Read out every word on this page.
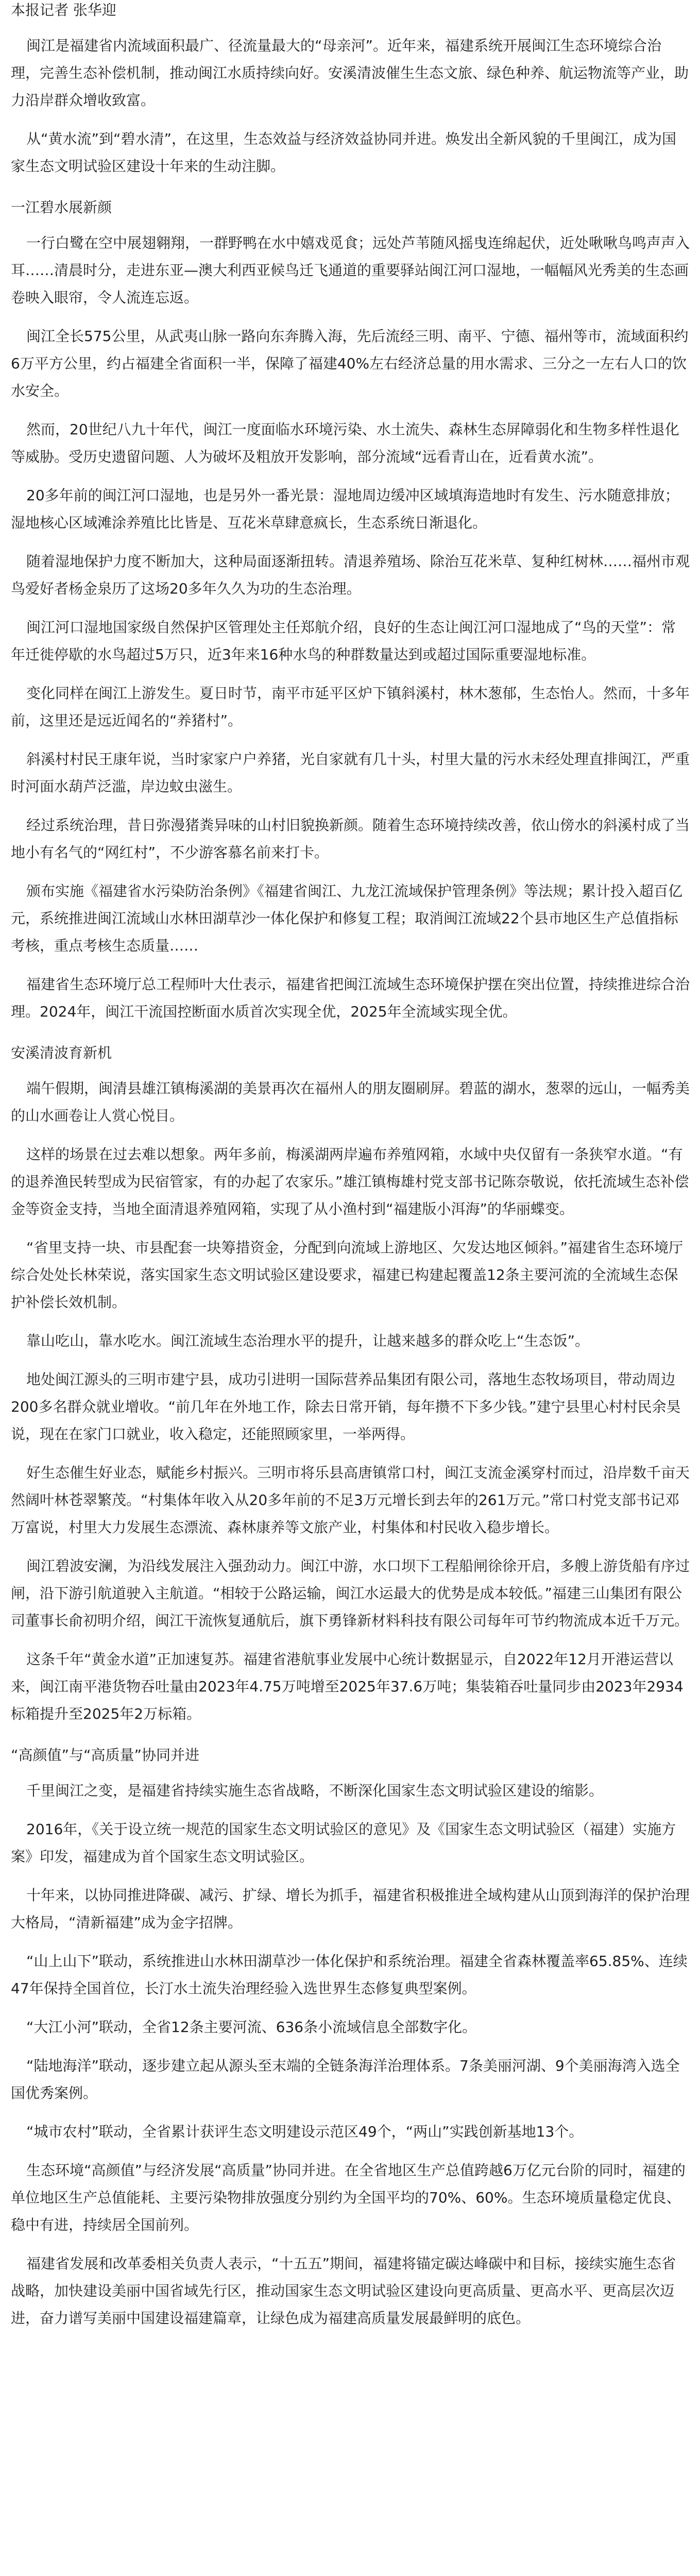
本报记者 张华迎

闽江是福建省内流域面积最广、径流量最大的“母亲河”。近年来，福建系统开展闽江生态环境综合治理，完善生态补偿机制，推动闽江水质持续向好。安溪清波催生生态文旅、绿色种养、航运物流等产业，助力沿岸群众增收致富。

从“黄水流”到“碧水清”，在这里，生态效益与经济效益协同并进。焕发出全新风貌的千里闽江，成为国家生态文明试验区建设十年来的生动注脚。

一江碧水展新颜

一行白鹭在空中展翅翱翔，一群野鸭在水中嬉戏觅食；远处芦苇随风摇曳连绵起伏，近处啾啾鸟鸣声声入耳……清晨时分，走进东亚—澳大利西亚候鸟迁飞通道的重要驿站闽江河口湿地，一幅幅风光秀美的生态画卷映入眼帘，令人流连忘返。

闽江全长575公里，从武夷山脉一路向东奔腾入海，先后流经三明、南平、宁德、福州等市，流域面积约6万平方公里，约占福建全省面积一半，保障了福建40%左右经济总量的用水需求、三分之一左右人口的饮水安全。

然而，20世纪八九十年代，闽江一度面临水环境污染、水土流失、森林生态屏障弱化和生物多样性退化等威胁。受历史遗留问题、人为破坏及粗放开发影响，部分流域“远看青山在，近看黄水流”。

20多年前的闽江河口湿地，也是另外一番光景：湿地周边缓冲区域填海造地时有发生、污水随意排放；湿地核心区域滩涂养殖比比皆是、互花米草肆意疯长，生态系统日渐退化。

随着湿地保护力度不断加大，这种局面逐渐扭转。清退养殖场、除治互花米草、复种红树林……福州市观鸟爱好者杨金泉历了这场20多年久久为功的生态治理。

闽江河口湿地国家级自然保护区管理处主任郑航介绍，良好的生态让闽江河口湿地成了“鸟的天堂”：常年迁徙停歇的水鸟超过5万只，近3年来16种水鸟的种群数量达到或超过国际重要湿地标准。

变化同样在闽江上游发生。夏日时节，南平市延平区炉下镇斜溪村，林木葱郁，生态怡人。然而，十多年前，这里还是远近闻名的“养猪村”。

斜溪村村民王康年说，当时家家户户养猪，光自家就有几十头，村里大量的污水未经处理直排闽江，严重时河面水葫芦泛滥，岸边蚊虫滋生。

经过系统治理，昔日弥漫猪粪异味的山村旧貌换新颜。随着生态环境持续改善，依山傍水的斜溪村成了当地小有名气的“网红村”，不少游客慕名前来打卡。

颁布实施《福建省水污染防治条例》《福建省闽江、九龙江流域保护管理条例》等法规；累计投入超百亿元，系统推进闽江流域山水林田湖草沙一体化保护和修复工程；取消闽江流域22个县市地区生产总值指标考核，重点考核生态质量……

福建省生态环境厅总工程师叶大仕表示，福建省把闽江流域生态环境保护摆在突出位置，持续推进综合治理。2024年，闽江干流国控断面水质首次实现全优，2025年全流域实现全优。

安溪清波育新机

端午假期，闽清县雄江镇梅溪湖的美景再次在福州人的朋友圈刷屏。碧蓝的湖水，葱翠的远山，一幅秀美的山水画卷让人赏心悦目。

这样的场景在过去难以想象。两年多前，梅溪湖两岸遍布养殖网箱，水域中央仅留有一条狭窄水道。“有的退养渔民转型成为民宿管家，有的办起了农家乐。”雄江镇梅雄村党支部书记陈奈敬说，依托流域生态补偿金等资金支持，当地全面清退养殖网箱，实现了从小渔村到“福建版小洱海”的华丽蝶变。

“省里支持一块、市县配套一块筹措资金，分配到向流域上游地区、欠发达地区倾斜。”福建省生态环境厅综合处处长林荣说，落实国家生态文明试验区建设要求，福建已构建起覆盖12条主要河流的全流域生态保护补偿长效机制。

靠山吃山，靠水吃水。闽江流域生态治理水平的提升，让越来越多的群众吃上“生态饭”。

地处闽江源头的三明市建宁县，成功引进明一国际营养品集团有限公司，落地生态牧场项目，带动周边200多名群众就业增收。“前几年在外地工作，除去日常开销，每年攒不下多少钱。”建宁县里心村村民余昊说，现在在家门口就业，收入稳定，还能照顾家里，一举两得。

好生态催生好业态，赋能乡村振兴。三明市将乐县高唐镇常口村，闽江支流金溪穿村而过，沿岸数千亩天然阔叶林苍翠繁茂。“村集体年收入从20多年前的不足3万元增长到去年的261万元。”常口村党支部书记邓万富说，村里大力发展生态漂流、森林康养等文旅产业，村集体和村民收入稳步增长。

闽江碧波安澜，为沿线发展注入强劲动力。闽江中游，水口坝下工程船闸徐徐开启，多艘上游货船有序过闸，沿下游引航道驶入主航道。“相较于公路运输，闽江水运最大的优势是成本较低。”福建三山集团有限公司董事长俞初明介绍，闽江干流恢复通航后，旗下勇锋新材料科技有限公司每年可节约物流成本近千万元。

这条千年“黄金水道”正加速复苏。福建省港航事业发展中心统计数据显示，自2022年12月开港运营以来，闽江南平港货物吞吐量由2023年4.75万吨增至2025年37.6万吨；集装箱吞吐量同步由2023年2934标箱提升至2025年2万标箱。

“高颜值”与“高质量”协同并进

千里闽江之变，是福建省持续实施生态省战略，不断深化国家生态文明试验区建设的缩影。

2016年，《关于设立统一规范的国家生态文明试验区的意见》及《国家生态文明试验区（福建）实施方案》印发，福建成为首个国家生态文明试验区。

十年来，以协同推进降碳、减污、扩绿、增长为抓手，福建省积极推进全域构建从山顶到海洋的保护治理大格局，“清新福建”成为金字招牌。

“山上山下”联动，系统推进山水林田湖草沙一体化保护和系统治理。福建全省森林覆盖率65.85%、连续47年保持全国首位，长汀水土流失治理经验入选世界生态修复典型案例。

“大江小河”联动，全省12条主要河流、636条小流域信息全部数字化。

“陆地海洋”联动，逐步建立起从源头至末端的全链条海洋治理体系。7条美丽河湖、9个美丽海湾入选全国优秀案例。

“城市农村”联动，全省累计获评生态文明建设示范区49个，“两山”实践创新基地13个。

生态环境“高颜值”与经济发展“高质量”协同并进。在全省地区生产总值跨越6万亿元台阶的同时，福建的单位地区生产总值能耗、主要污染物排放强度分别约为全国平均的70%、60%。生态环境质量稳定优良、稳中有进，持续居全国前列。

福建省发展和改革委相关负责人表示，“十五五”期间，福建将锚定碳达峰碳中和目标，接续实施生态省战略，加快建设美丽中国省域先行区，推动国家生态文明试验区建设向更高质量、更高水平、更高层次迈进，奋力谱写美丽中国建设福建篇章，让绿色成为福建高质量发展最鲜明的底色。
